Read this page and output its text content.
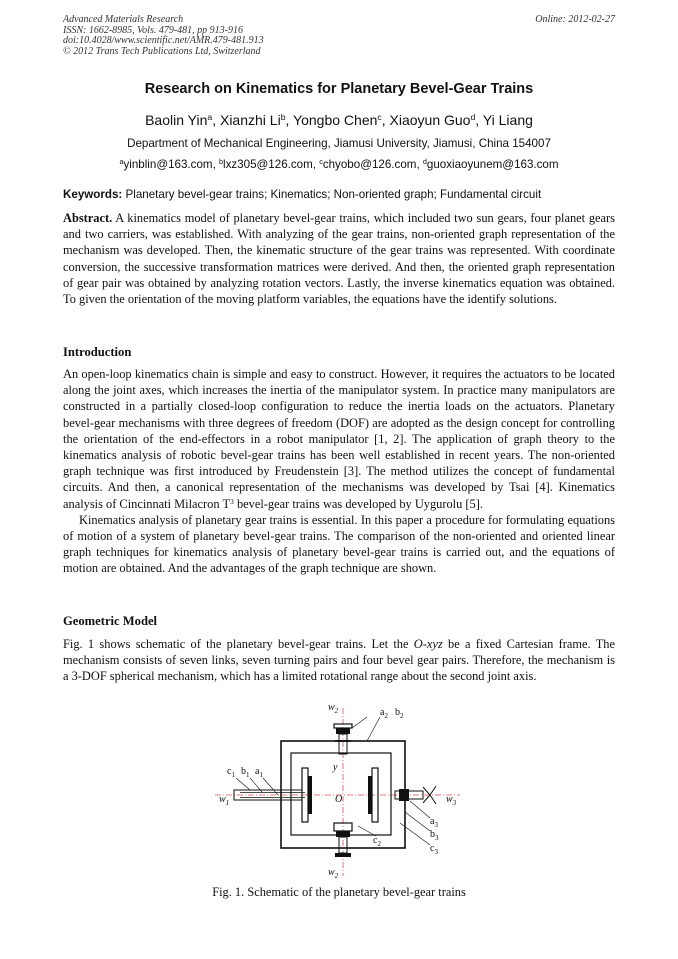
Advanced Materials Research
ISSN: 1662-8985, Vols. 479-481, pp 913-916
doi:10.4028/www.scientific.net/AMR.479-481.913
© 2012 Trans Tech Publications Ltd, Switzerland
Online: 2012-02-27
Research on Kinematics for Planetary Bevel-Gear Trains
Baolin Yin$^a$, Xianzhi Li$^b$, Yongbo Chen$^c$, Xiaoyun Guo$^d$, Yi Liang
Department of Mechanical Engineering, Jiamusi University, Jiamusi, China 154007
$^a$yinblin@163.com, $^b$lxz305@126.com, $^c$chyobo@126.com, $^d$guoxiaoyunem@163.com
Keywords: Planetary bevel-gear trains; Kinematics; Non-oriented graph; Fundamental circuit

Abstract. A kinematics model of planetary bevel-gear trains, which included two sun gears, four planet gears and two carriers, was established. With analyzing of the gear trains, non-oriented graph representation of the mechanism was developed. Then, the kinematic structure of the gear trains was represented. With coordinate conversion, the successive transformation matrices were derived. And then, the oriented graph representation of gear pair was obtained by analyzing rotation vectors. Lastly, the inverse kinematics equation was obtained. To given the orientation of the moving platform variables, the equations have the identify solutions.

Introduction

An open-loop kinematics chain is simple and easy to construct. However, it requires the actuators to be located along the joint axes, which increases the inertia of the manipulator system. In practice many manipulators are constructed in a partially closed-loop configuration to reduce the inertia loads on the actuators. Planetary bevel-gear mechanisms with three degrees of freedom (DOF) are adopted as the design concept for controlling the orientation of the end-effectors in a robot manipulator [1, 2]. The application of graph theory to the kinematics analysis of robotic bevel-gear trains has been well established in recent years. The non-oriented graph technique was first introduced by Freudenstein [3]. The method utilizes the concept of fundamental circuits. And then, a canonical representation of the mechanisms was developed by Tsai [4]. Kinematics analysis of Cincinnati Milacron $T^3$ bevel-gear trains was developed by Uygurolu [5].

Kinematics analysis of planetary gear trains is essential. In this paper a procedure for formulating equations of motion of a system of planetary bevel-gear trains. The comparison of the non-oriented and oriented linear graph techniques for kinematics analysis of planetary bevel-gear trains is carried out, and the equations of motion are obtained. And the advantages of the graph technique are shown.

Geometric Model

Fig. 1 shows schematic of the planetary bevel-gear trains. Let the O-xyz be a fixed Cartesian frame. The mechanism consists of seven links, seven turning pairs and four bevel gear pairs. Therefore, the mechanism is a 3-DOF spherical mechanism, which has a limited rotational range about the second joint axis.

$w_2$	$a_2$ $b_2$
$c_1$ $b_1$ $a_1$
y
$w_1$	O	z	$w_3$
$a_3$
$b_3$
$c_2$	$c_3$
$w_2$
Fig. 1. Schematic of the planetary bevel-gear trains
